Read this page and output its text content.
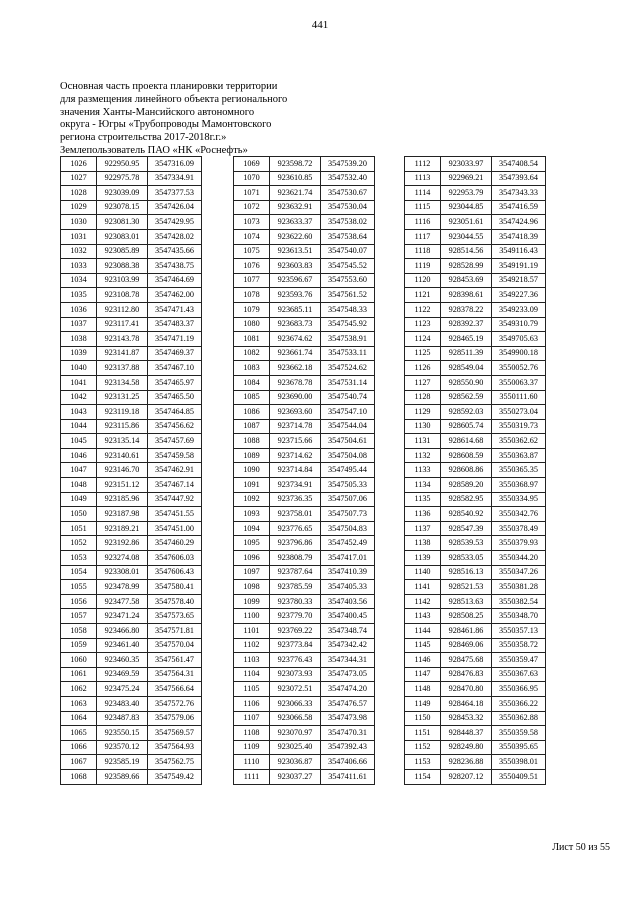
441
Основная часть проекта планировки территории
для размещения линейного объекта регионального
значения Ханты-Мансийского автономного
округа - Югры «Трубопроводы Мамонтовского
региона строительства 2017-2018г.г.»
Землепользователь ПАО «НК «Роснефть»
1026	922950.95	3547316.09
1027	922975.78	3547334.91
1028	923039.09	3547377.53
1029	923078.15	3547426.04
1030	923081.30	3547429.95
1031	923083.01	3547428.02
1032	923085.89	3547435.66
1033	923088.38	3547438.75
1034	923103.99	3547464.69
1035	923108.78	3547462.00
1036	923112.80	3547471.43
1037	923117.41	3547483.37
1038	923143.78	3547471.19
1039	923141.87	3547469.37
1040	923137.88	3547467.10
1041	923134.58	3547465.97
1042	923131.25	3547465.50
1043	923119.18	3547464.85
1044	923115.86	3547456.62
1045	923135.14	3547457.69
1046	923140.61	3547459.58
1047	923146.70	3547462.91
1048	923151.12	3547467.14
1049	923185.96	3547447.92
1050	923187.98	3547451.55
1051	923189.21	3547451.00
1052	923192.86	3547460.29
1053	923274.08	3547606.03
1054	923308.01	3547606.43
1055	923478.99	3547580.41
1056	923477.58	3547578.40
1057	923471.24	3547573.65
1058	923466.80	3547571.81
1059	923461.40	3547570.04
1060	923460.35	3547561.47
1061	923469.59	3547564.31
1062	923475.24	3547566.64
1063	923483.40	3547572.76
1064	923487.83	3547579.06
1065	923550.15	3547569.57
1066	923570.12	3547564.93
1067	923585.19	3547562.75
1068	923589.66	3547549.42
1069	923598.72	3547539.20
1070	923610.85	3547532.40
1071	923621.74	3547530.67
1072	923632.91	3547530.04
1073	923633.37	3547538.02
1074	923622.60	3547538.64
1075	923613.51	3547540.07
1076	923603.83	3547545.52
1077	923596.67	3547553.60
1078	923593.76	3547561.52
1079	923685.11	3547548.33
1080	923683.73	3547545.92
1081	923674.62	3547538.91
1082	923661.74	3547533.11
1083	923662.18	3547524.62
1084	923678.78	3547531.14
1085	923690.00	3547540.74
1086	923693.60	3547547.10
1087	923714.78	3547544.04
1088	923715.66	3547504.61
1089	923714.62	3547504.08
1090	923714.84	3547495.44
1091	923734.91	3547505.33
1092	923736.35	3547507.06
1093	923758.01	3547507.73
1094	923776.65	3547504.83
1095	923796.86	3547452.49
1096	923808.79	3547417.01
1097	923787.64	3547410.39
1098	923785.59	3547405.33
1099	923780.33	3547403.56
1100	923779.70	3547400.45
1101	923769.22	3547348.74
1102	923773.84	3547342.42
1103	923776.43	3547344.31
1104	923073.93	3547473.05
1105	923072.51	3547474.20
1106	923066.33	3547476.57
1107	923066.58	3547473.98
1108	923070.97	3547470.31
1109	923025.40	3547392.43
1110	923036.87	3547406.66
1111	923037.27	3547411.61
1112	923033.97	3547408.54
1113	922969.21	3547393.64
1114	922953.79	3547343.33
1115	923044.85	3547416.59
1116	923051.61	3547424.96
1117	923044.55	3547418.39
1118	928514.56	3549116.43
1119	928528.99	3549191.19
1120	928453.69	3549218.57
1121	928398.61	3549227.36
1122	928378.22	3549233.09
1123	928392.37	3549310.79
1124	928465.19	3549705.63
1125	928511.39	3549900.18
1126	928549.04	3550052.76
1127	928550.90	3550063.37
1128	928562.59	3550111.60
1129	928592.03	3550273.04
1130	928605.74	3550319.73
1131	928614.68	3550362.62
1132	928608.59	3550363.87
1133	928608.86	3550365.35
1134	928589.20	3550368.97
1135	928582.95	3550334.95
1136	928540.92	3550342.76
1137	928547.39	3550378.49
1138	928539.53	3550379.93
1139	928533.05	3550344.20
1140	928516.13	3550347.26
1141	928521.53	3550381.28
1142	928513.63	3550382.54
1143	928508.25	3550348.70
1144	928461.86	3550357.13
1145	928469.06	3550358.72
1146	928475.68	3550359.47
1147	928476.83	3550367.63
1148	928470.80	3550366.95
1149	928464.18	3550366.22
1150	928453.32	3550362.88
1151	928448.37	3550359.58
1152	928249.80	3550395.65
1153	928236.88	3550398.01
1154	928207.12	3550409.51
Лист 50 из 55
